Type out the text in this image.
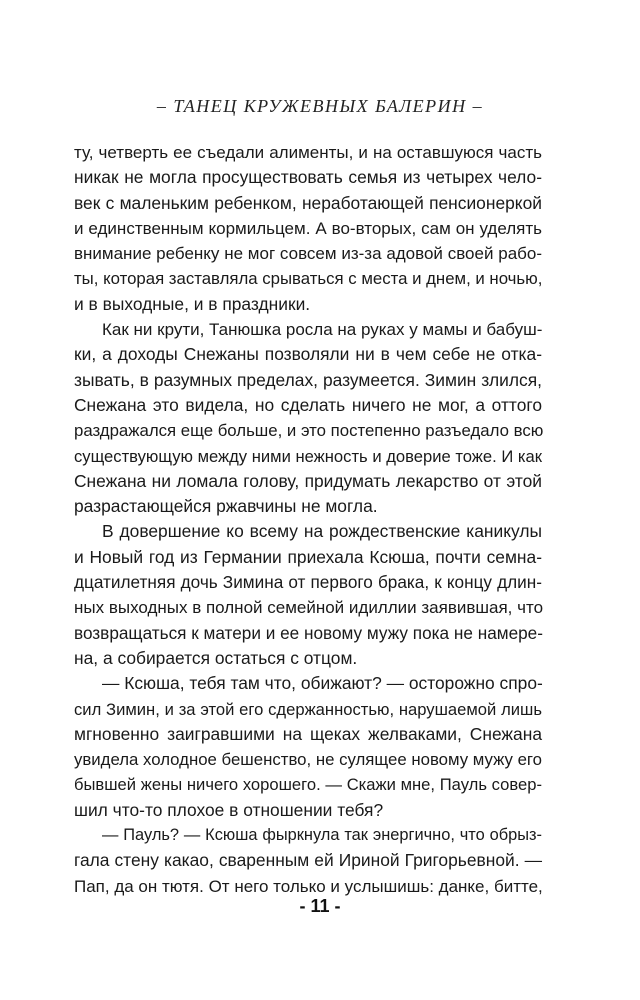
– ТАНЕЦ КРУЖЕВНЫХ БАЛЕРИН –
ту, четверть ее съедали алименты, и на оставшуюся часть
никак не могла просуществовать семья из четырех чело-
век с маленьким ребенком, неработающей пенсионеркой
и единственным кормильцем. А во-вторых, сам он уделять
внимание ребенку не мог совсем из-за адовой своей рабо-
ты, которая заставляла срываться с места и днем, и ночью,
и в выходные, и в праздники.
Как ни крути, Танюшка росла на руках у мамы и бабуш-
ки, а доходы Снежаны позволяли ни в чем себе не отка-
зывать, в разумных пределах, разумеется. Зимин злился,
Снежана это видела, но сделать ничего не мог, а оттого
раздражался еще больше, и это постепенно разъедало всю
существующую между ними нежность и доверие тоже. И как
Снежана ни ломала голову, придумать лекарство от этой
разрастающейся ржавчины не могла.
В довершение ко всему на рождественские каникулы
и Новый год из Германии приехала Ксюша, почти семна-
дцатилетняя дочь Зимина от первого брака, к концу длин-
ных выходных в полной семейной идиллии заявившая, что
возвращаться к матери и ее новому мужу пока не намере-
на, а собирается остаться с отцом.
— Ксюша, тебя там что, обижают? — осторожно спро-
сил Зимин, и за этой его сдержанностью, нарушаемой лишь
мгновенно заигравшими на щеках желваками, Снежана
увидела холодное бешенство, не сулящее новому мужу его
бывшей жены ничего хорошего. — Скажи мне, Пауль совер-
шил что-то плохое в отношении тебя?
— Пауль? — Ксюша фыркнула так энергично, что обрыз-
гала стену какао, сваренным ей Ириной Григорьевной. —
Пап, да он тютя. От него только и услышишь: данке, битте,
- 11 -
